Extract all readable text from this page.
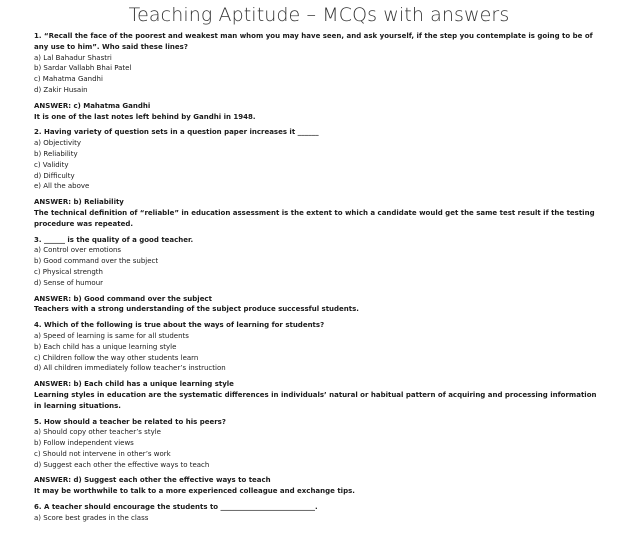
Teaching Aptitude – MCQs with answers
1. “Recall the face of the poorest and weakest man whom you may have seen, and ask yourself, if the step you contemplate is going to be of any use to him”. Who said these lines?
a) Lal Bahadur Shastri
b) Sardar Vallabh Bhai Patel
c) Mahatma Gandhi
d) Zakir Husain
ANSWER: c) Mahatma Gandhi
It is one of the last notes left behind by Gandhi in 1948.
2. Having variety of question sets in a question paper increases it ______
a) Objectivity
b) Reliability
c) Validity
d) Difficulty
e) All the above
ANSWER: b) Reliability
The technical definition of “reliable” in education assessment is the extent to which a candidate would get the same test result if the testing procedure was repeated.
3. ______ is the quality of a good teacher.
a) Control over emotions
b) Good command over the subject
c) Physical strength
d) Sense of humour
ANSWER: b) Good command over the subject
Teachers with a strong understanding of the subject produce successful students.
4. Which of the following is true about the ways of learning for students?
a) Speed of learning is same for all students
b) Each child has a unique learning style
c) Children follow the way other students learn
d) All children immediately follow teacher’s instruction
ANSWER: b) Each child has a unique learning style
Learning styles in education are the systematic differences in individuals’ natural or habitual pattern of acquiring and processing information in learning situations.
5. How should a teacher be related to his peers?
a) Should copy other teacher’s style
b) Follow independent views
c) Should not intervene in other’s work
d) Suggest each other the effective ways to teach
ANSWER: d) Suggest each other the effective ways to teach
It may be worthwhile to talk to a more experienced colleague and exchange tips.
6. A teacher should encourage the students to ___________________________.
a) Score best grades in the class
